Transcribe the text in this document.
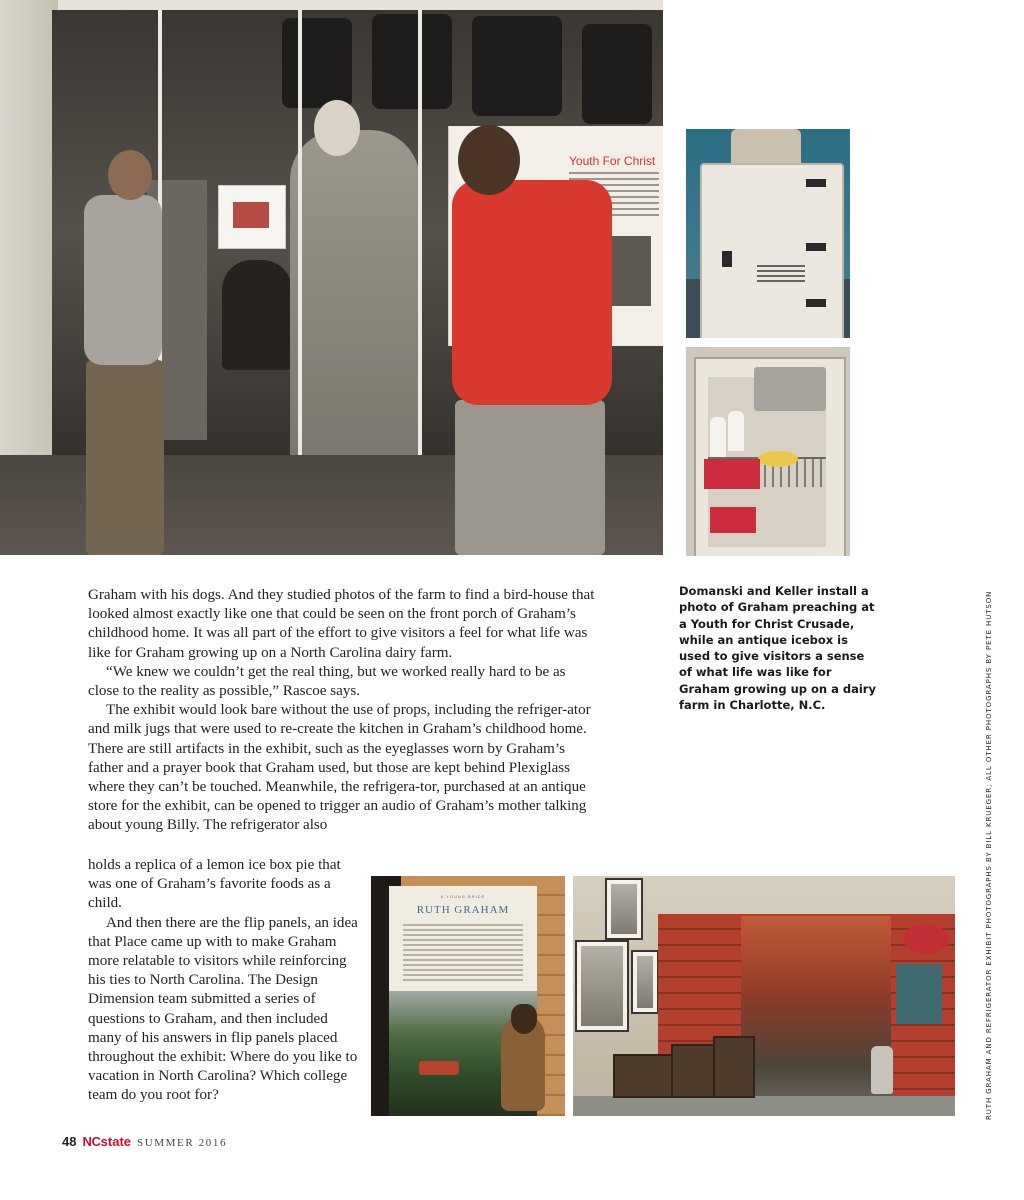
Youth For Christ

Graham with his dogs. And they studied photos of the farm to find a bird-house that looked almost exactly like one that could be seen on the front porch of Graham’s childhood home. It was all part of the effort to give visitors a feel for what life was like for Graham growing up on a North Carolina dairy farm.

“We knew we couldn’t get the real thing, but we worked really hard to be as close to the reality as possible,” Rascoe says.

The exhibit would look bare without the use of props, including the refriger-ator and milk jugs that were used to re-create the kitchen in Graham’s childhood home. There are still artifacts in the exhibit, such as the eyeglasses worn by Graham’s father and a prayer book that Graham used, but those are kept behind Plexiglass where they can’t be touched. Meanwhile, the refrigera-tor, purchased at an antique store for the exhibit, can be opened to trigger an audio of Graham’s mother talking about young Billy. The refrigerator also

holds a replica of a lemon ice box pie that was one of Graham’s favorite foods as a child.

And then there are the flip panels, an idea that Place came up with to make Graham more relatable to visitors while reinforcing his ties to North Carolina. The Design Dimension team submitted a series of questions to Graham, and then included many of his answers in flip panels placed throughout the exhibit: Where do you like to vacation in North Carolina? Which college team do you root for?

Domanski and Keller install a photo of Graham preaching at a Youth for Christ Crusade, while an antique icebox is used to give visitors a sense of what life was like for Graham growing up on a dairy farm in Charlotte, N.C.
A YOUNG BRIDE
RUTH GRAHAM	RUTH GRAHAM AND REFRIGERATOR EXHIBIT PHOTOGRAPHS BY BILL KRUEGER; ALL OTHER PHOTOGRAPHS BY PETE HUTSON
48 NC state SUMMER 2016
